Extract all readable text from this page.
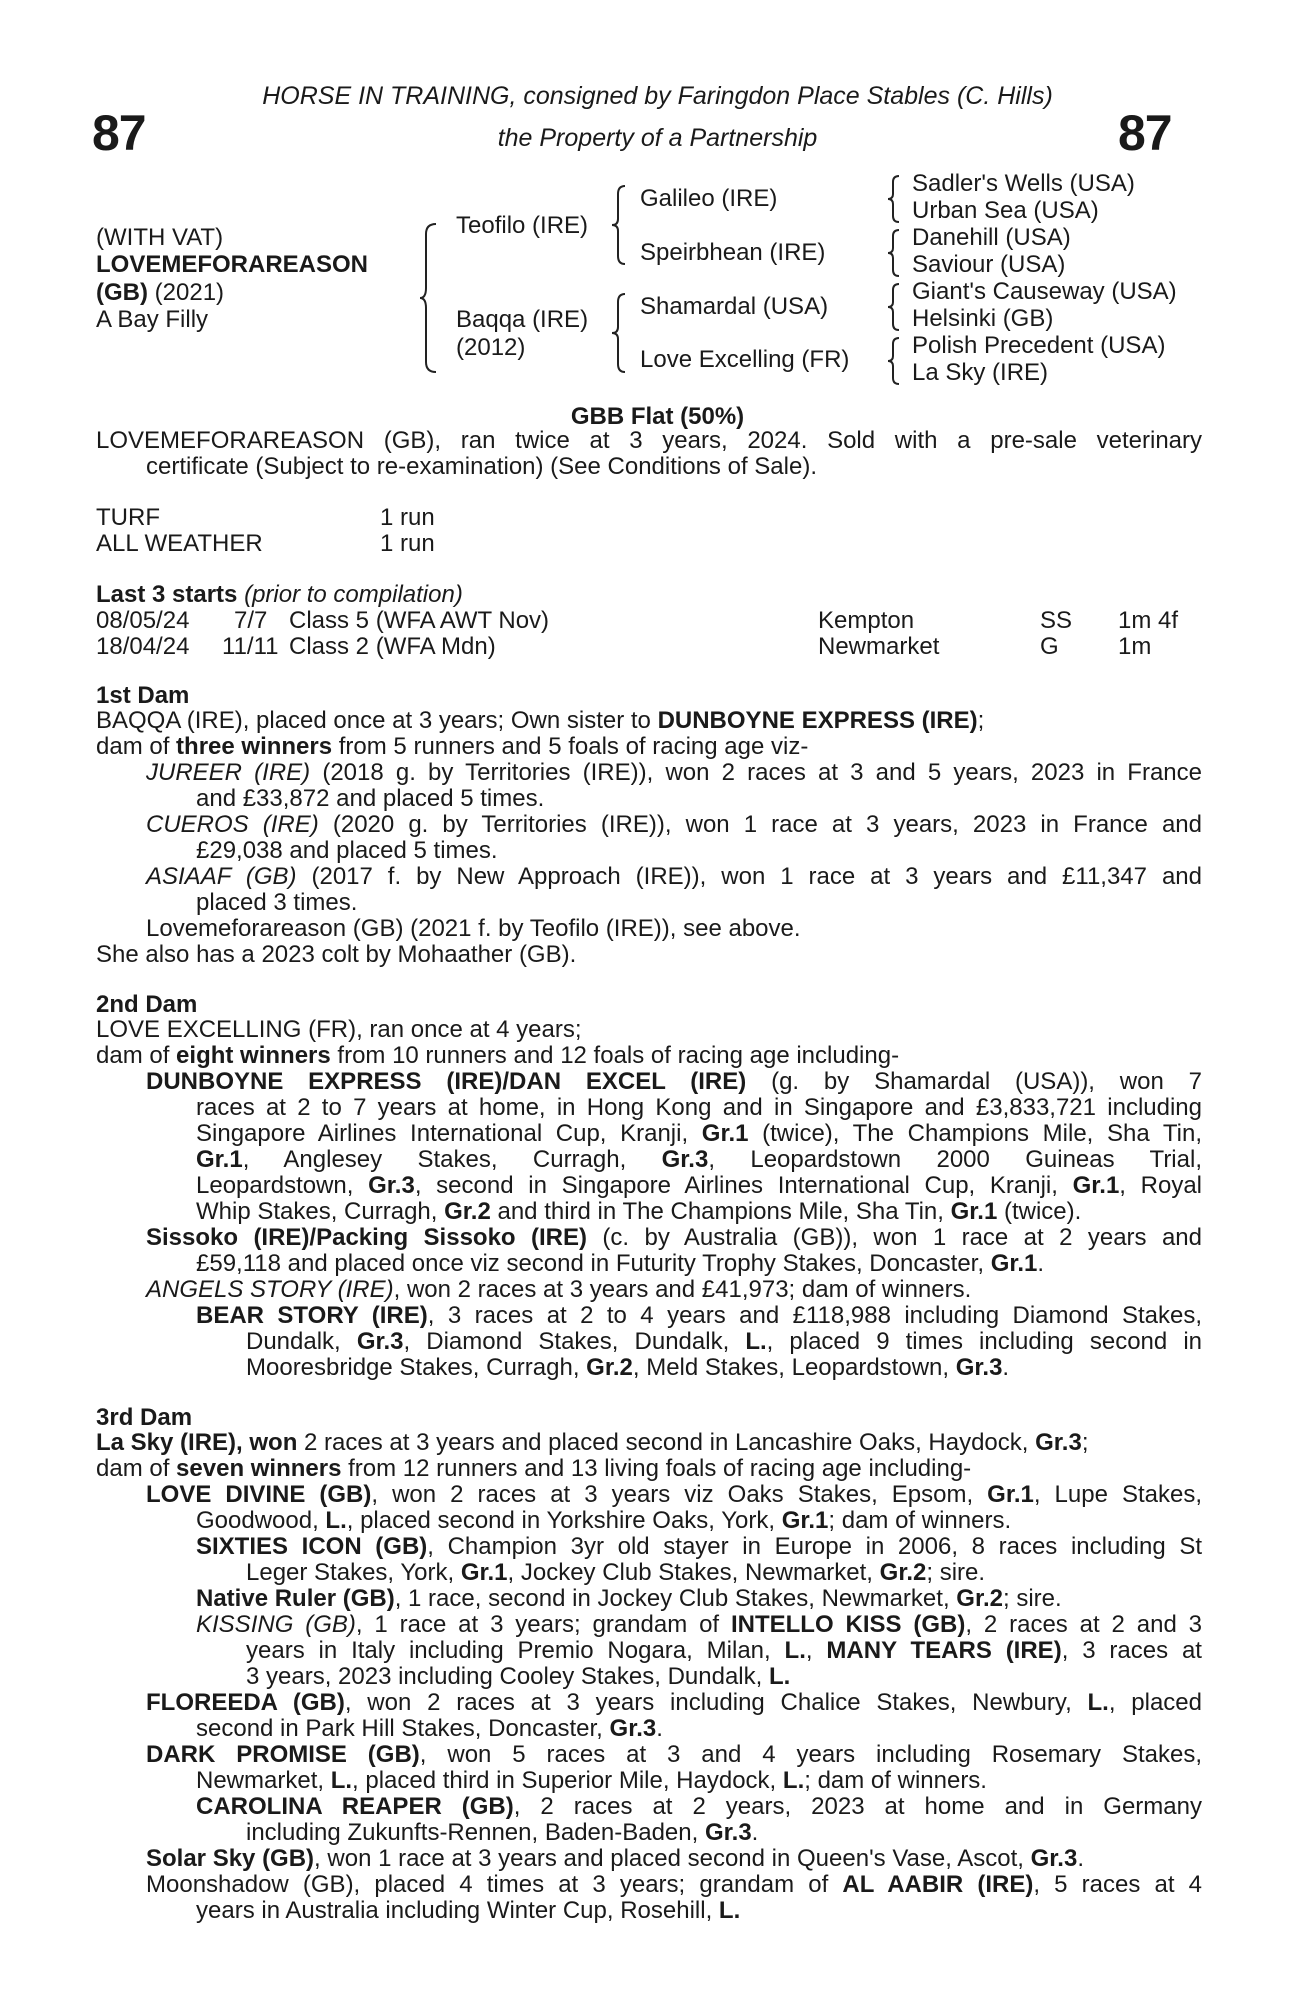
87	87
HORSE IN TRAINING, consigned by Faringdon Place Stables (C. Hills)
the Property of a Partnership
(WITH VAT)
LOVEMEFORAREASON
(GB) (2021)
A Bay Filly
Teofilo (IRE)
Baqqa (IRE)
(2012)
Galileo (IRE)
Speirbhean (IRE)
Shamardal (USA)
Love Excelling (FR)
Sadler's Wells (USA)
Urban Sea (USA)
Danehill (USA)
Saviour (USA)
Giant's Causeway (USA)
Helsinki (GB)
Polish Precedent (USA)
La Sky (IRE)
GBB Flat (50%)
LOVEMEFORAREASON (GB), ran twice at 3 years, 2024. Sold with a pre-sale veterinary
certificate (Subject to re-examination) (See Conditions of Sale).
TURF	1 run
ALL WEATHER	1 run
Last 3 starts (prior to compilation)
08/05/24 7/7 Class 5 (WFA AWT Nov)	Kempton	SS 1m 4f
18/04/24 11/11 Class 2 (WFA Mdn)	Newmarket	G 1m
1st Dam
BAQQA (IRE), placed once at 3 years; Own sister to DUNBOYNE EXPRESS (IRE);
dam of three winners from 5 runners and 5 foals of racing age viz-
JUREER (IRE) (2018 g. by Territories (IRE)), won 2 races at 3 and 5 years, 2023 in France
and £33,872 and placed 5 times.
CUEROS (IRE) (2020 g. by Territories (IRE)), won 1 race at 3 years, 2023 in France and
£29,038 and placed 5 times.
ASIAAF (GB) (2017 f. by New Approach (IRE)), won 1 race at 3 years and £11,347 and
placed 3 times.
Lovemeforareason (GB) (2021 f. by Teofilo (IRE)), see above.
She also has a 2023 colt by Mohaather (GB).
2nd Dam
LOVE EXCELLING (FR), ran once at 4 years;
dam of eight winners from 10 runners and 12 foals of racing age including-
DUNBOYNE EXPRESS (IRE)/DAN EXCEL (IRE) (g. by Shamardal (USA)), won 7
races at 2 to 7 years at home, in Hong Kong and in Singapore and £3,833,721 including
Singapore Airlines International Cup, Kranji, Gr.1 (twice), The Champions Mile, Sha Tin,
Gr.1, Anglesey Stakes, Curragh, Gr.3, Leopardstown 2000 Guineas Trial,
Leopardstown, Gr.3, second in Singapore Airlines International Cup, Kranji, Gr.1, Royal
Whip Stakes, Curragh, Gr.2 and third in The Champions Mile, Sha Tin, Gr.1 (twice).
Sissoko (IRE)/Packing Sissoko (IRE) (c. by Australia (GB)), won 1 race at 2 years and
£59,118 and placed once viz second in Futurity Trophy Stakes, Doncaster, Gr.1.
ANGELS STORY (IRE), won 2 races at 3 years and £41,973; dam of winners.
BEAR STORY (IRE), 3 races at 2 to 4 years and £118,988 including Diamond Stakes,
Dundalk, Gr.3, Diamond Stakes, Dundalk, L., placed 9 times including second in
Mooresbridge Stakes, Curragh, Gr.2, Meld Stakes, Leopardstown, Gr.3.
3rd Dam
La Sky (IRE), won 2 races at 3 years and placed second in Lancashire Oaks, Haydock, Gr.3;
dam of seven winners from 12 runners and 13 living foals of racing age including-
LOVE DIVINE (GB), won 2 races at 3 years viz Oaks Stakes, Epsom, Gr.1, Lupe Stakes,
Goodwood, L., placed second in Yorkshire Oaks, York, Gr.1; dam of winners.
SIXTIES ICON (GB), Champion 3yr old stayer in Europe in 2006, 8 races including St
Leger Stakes, York, Gr.1, Jockey Club Stakes, Newmarket, Gr.2; sire.
Native Ruler (GB), 1 race, second in Jockey Club Stakes, Newmarket, Gr.2; sire.
KISSING (GB), 1 race at 3 years; grandam of INTELLO KISS (GB), 2 races at 2 and 3
years in Italy including Premio Nogara, Milan, L., MANY TEARS (IRE), 3 races at
3 years, 2023 including Cooley Stakes, Dundalk, L.
FLOREEDA (GB), won 2 races at 3 years including Chalice Stakes, Newbury, L., placed
second in Park Hill Stakes, Doncaster, Gr.3.
DARK PROMISE (GB), won 5 races at 3 and 4 years including Rosemary Stakes,
Newmarket, L., placed third in Superior Mile, Haydock, L.; dam of winners.
CAROLINA REAPER (GB), 2 races at 2 years, 2023 at home and in Germany
including Zukunfts-Rennen, Baden-Baden, Gr.3.
Solar Sky (GB), won 1 race at 3 years and placed second in Queen's Vase, Ascot, Gr.3.
Moonshadow (GB), placed 4 times at 3 years; grandam of AL AABIR (IRE), 5 races at 4
years in Australia including Winter Cup, Rosehill, L.
